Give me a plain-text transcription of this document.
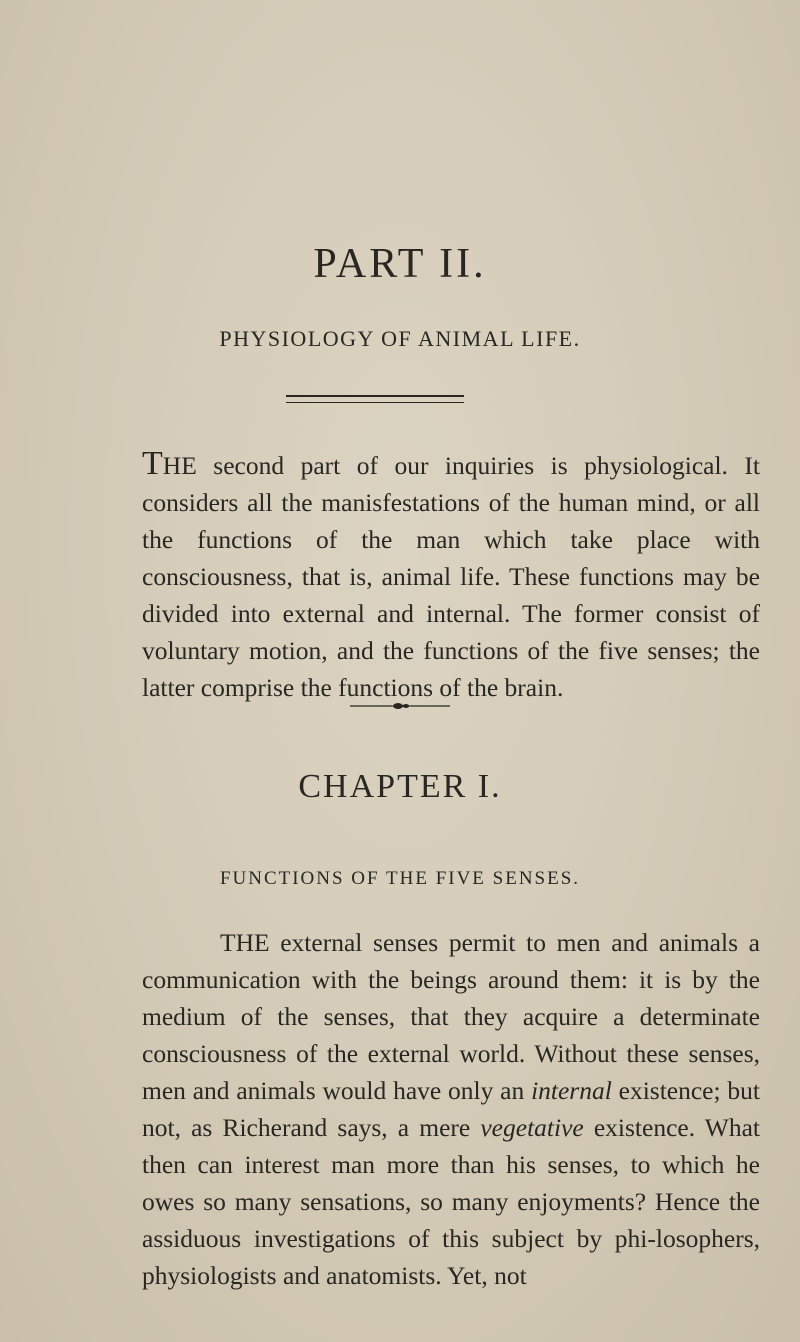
PART II.
PHYSIOLOGY OF ANIMAL LIFE.

THE second part of our inquiries is physiological. It considers all the manisfestations of the human mind, or all the functions of the man which take place with consciousness, that is, animal life. These functions may be divided into external and internal. The former consist of voluntary motion, and the functions of the five senses; the latter comprise the functions of the brain.

CHAPTER I.
FUNCTIONS OF THE FIVE SENSES.

THE external senses permit to men and animals a communication with the beings around them: it is by the medium of the senses, that they acquire a determinate consciousness of the external world. Without these senses, men and animals would have only an internal existence; but not, as Richerand says, a mere vegetative existence. What then can interest man more than his senses, to which he owes so many sensations, so many enjoyments? Hence the assiduous investigations of this subject by phi-losophers, physiologists and anatomists. Yet, not
